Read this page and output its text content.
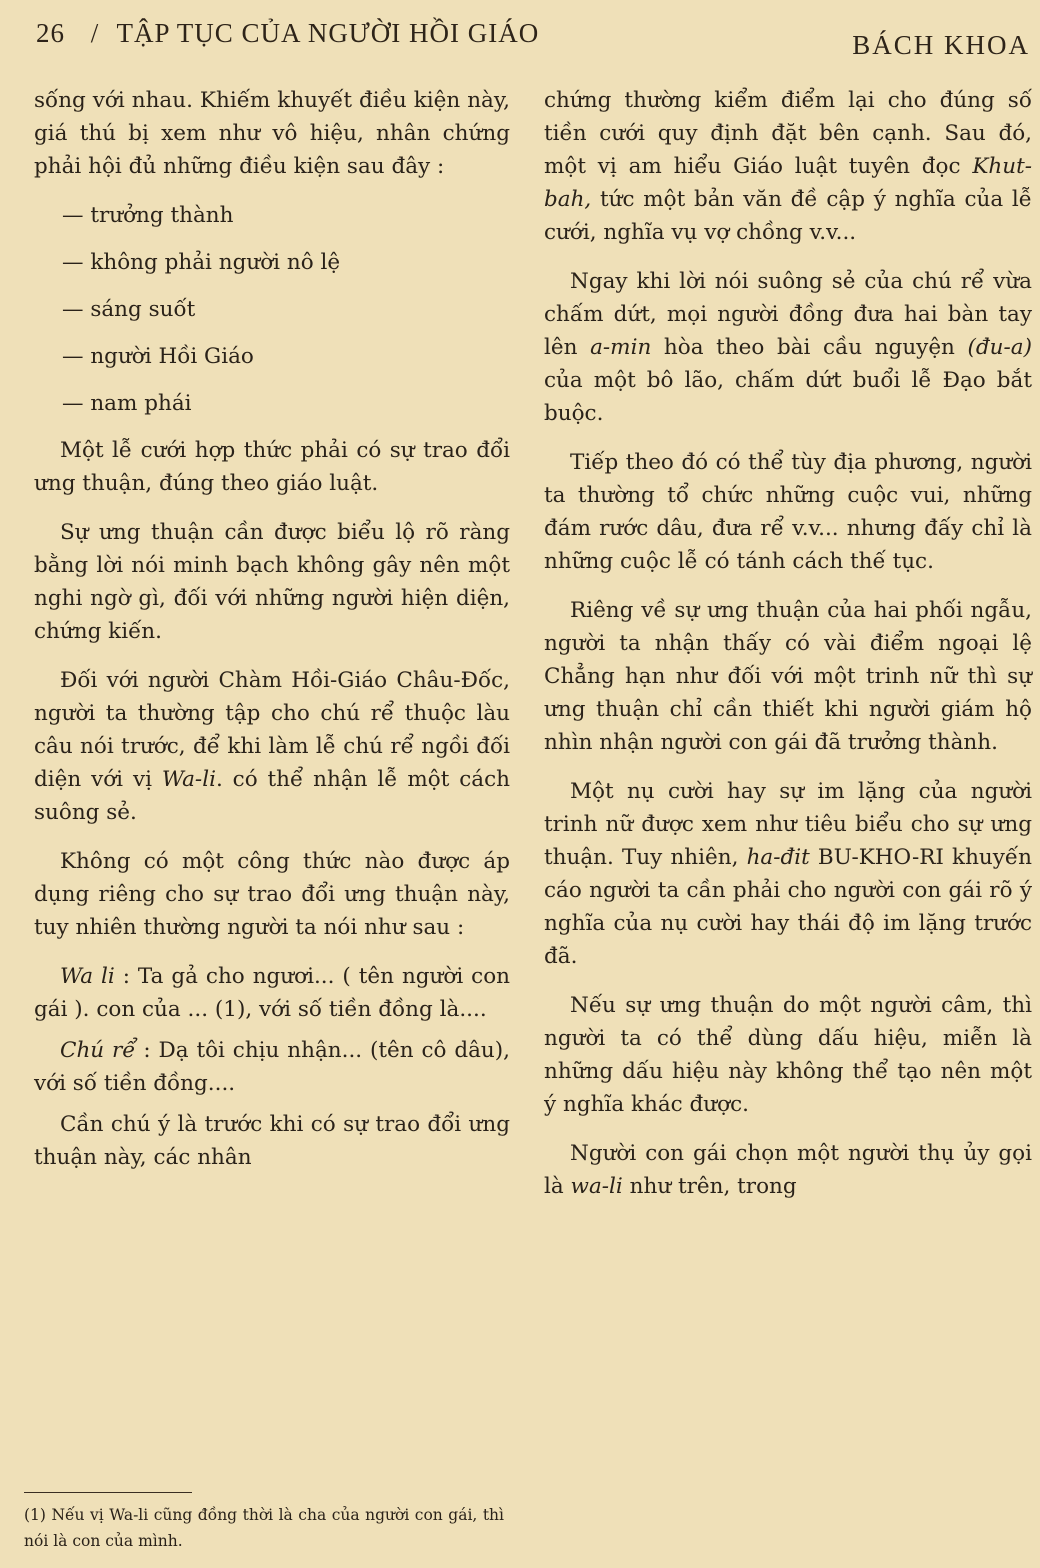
26 / TẬP TỤC CỦA NGƯỜI HỒI GIÁO	BÁCH KHOA

sống với nhau. Khiếm khuyết điều kiện này, giá thú bị xem như vô hiệu, nhân chứng phải hội đủ những điều kiện sau đây :

— trưởng thành
— không phải người nô lệ
— sáng suốt
— người Hồi Giáo
— nam phái

Một lễ cưới hợp thức phải có sự trao đổi ưng thuận, đúng theo giáo luật.

Sự ưng thuận cần được biểu lộ rõ ràng bằng lời nói minh bạch không gây nên một nghi ngờ gì, đối với những người hiện diện, chứng kiến.

Đối với người Chàm Hồi-Giáo Châu-Đốc, người ta thường tập cho chú rể thuộc làu câu nói trước, để khi làm lễ chú rể ngồi đối diện với vị Wa-li. có thể nhận lễ một cách suông sẻ.

Không có một công thức nào được áp dụng riêng cho sự trao đổi ưng thuận này, tuy nhiên thường người ta nói như sau :

Wa li : Ta gả cho ngươi... ( tên người con gái ). con của ... (1), với số tiền đồng là....

Chú rể : Dạ tôi chịu nhận... (tên cô dâu), với số tiền đồng....

Cần chú ý là trước khi có sự trao đổi ưng thuận này, các nhân

chứng thường kiểm điểm lại cho đúng số tiền cưới quy định đặt bên cạnh. Sau đó, một vị am hiểu Giáo luật tuyên đọc Khut-bah, tức một bản văn đề cập ý nghĩa của lễ cưới, nghĩa vụ vợ chồng v.v...

Ngay khi lời nói suông sẻ của chú rể vừa chấm dứt, mọi người đồng đưa hai bàn tay lên a-min hòa theo bài cầu nguyện (đu-a) của một bô lão, chấm dứt buổi lễ Đạo bắt buộc.

Tiếp theo đó có thể tùy địa phương, người ta thường tổ chức những cuộc vui, những đám rước dâu, đưa rể v.v... nhưng đấy chỉ là những cuộc lễ có tánh cách thế tục.

Riêng về sự ưng thuận của hai phối ngẫu, người ta nhận thấy có vài điểm ngoại lệ Chẳng hạn như đối với một trinh nữ thì sự ưng thuận chỉ cần thiết khi người giám hộ nhìn nhận người con gái đã trưởng thành.

Một nụ cười hay sự im lặng của người trinh nữ được xem như tiêu biểu cho sự ưng thuận. Tuy nhiên, ha-đit BU-KHO-RI khuyến cáo người ta cần phải cho người con gái rõ ý nghĩa của nụ cười hay thái độ im lặng trước đã.

Nếu sự ưng thuận do một người câm, thì người ta có thể dùng dấu hiệu, miễn là những dấu hiệu này không thể tạo nên một ý nghĩa khác được.

Người con gái chọn một người thụ ủy gọi là wa-li như trên, trong

(1) Nếu vị Wa-li cũng đồng thời là cha của người con gái, thì nói là con của mình.
